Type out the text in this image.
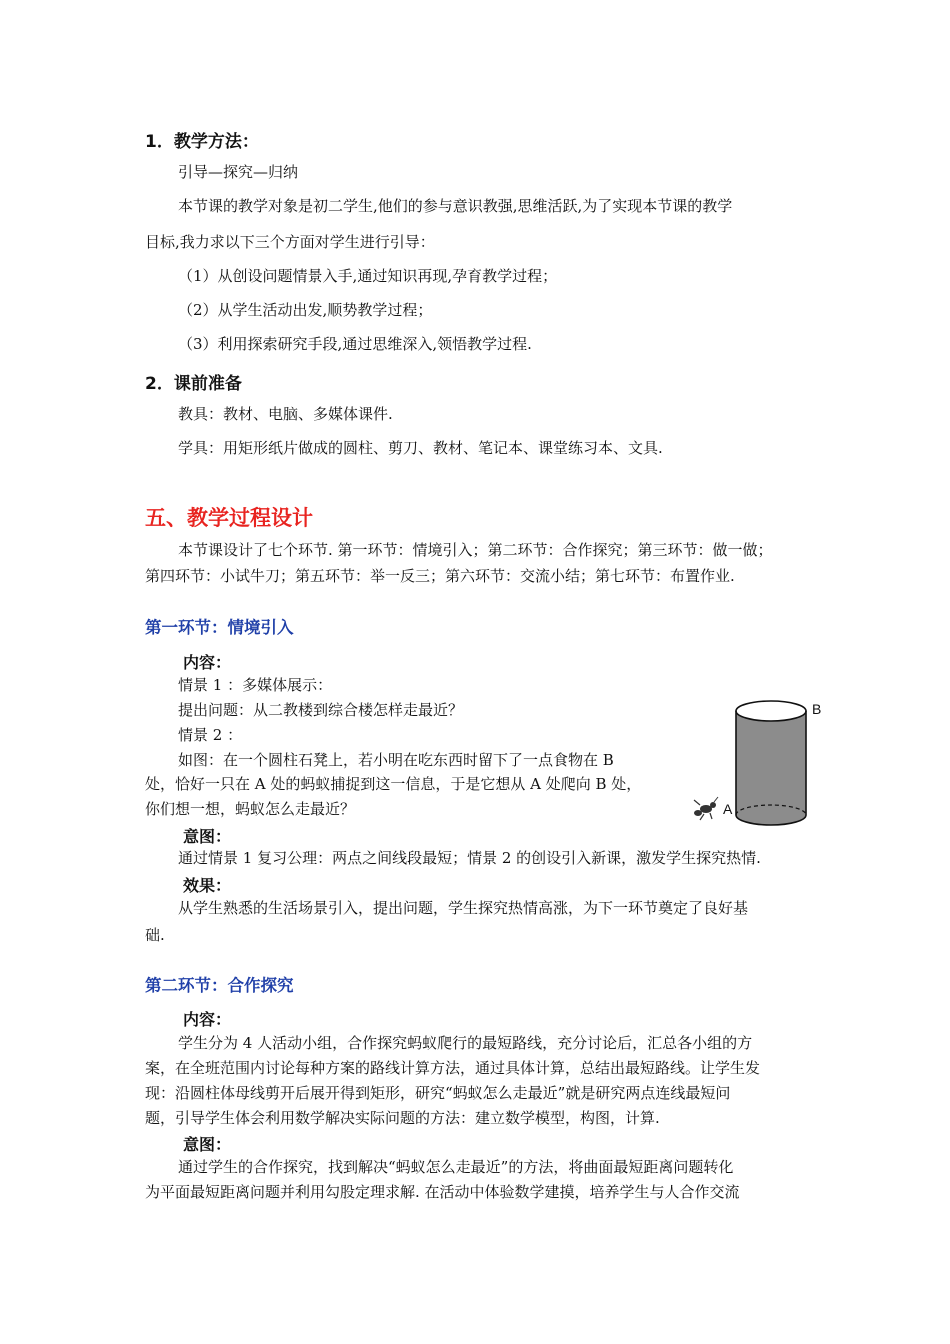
1．教学方法：
引导—探究—归纳
本节课的教学对象是初二学生,他们的参与意识教强,思维活跃,为了实现本节课的教学
目标,我力求以下三个方面对学生进行引导：
（1）从创设问题情景入手,通过知识再现,孕育教学过程；
（2）从学生活动出发,顺势教学过程；
（3）利用探索研究手段,通过思维深入,领悟教学过程.
2．课前准备
教具：教材、电脑、多媒体课件.
学具：用矩形纸片做成的圆柱、剪刀、教材、笔记本、课堂练习本、文具.
五、教学过程设计
本节课设计了七个环节. 第一环节：情境引入；第二环节：合作探究；第三环节：做一做；
第四环节：小试牛刀；第五环节：举一反三；第六环节：交流小结；第七环节：布置作业.
第一环节：情境引入
内容：
情景 1 ：多媒体展示：
提出问题：从二教楼到综合楼怎样走最近？
情景 2 ：
如图：在一个圆柱石凳上，若小明在吃东西时留下了一点食物在 B
处，恰好一只在 A 处的蚂蚁捕捉到这一信息，于是它想从 A 处爬向 B 处，
你们想一想，蚂蚁怎么走最近？	A
B
意图：
通过情景 1 复习公理：两点之间线段最短；情景 2 的创设引入新课，激发学生探究热情.
效果：
从学生熟悉的生活场景引入，提出问题，学生探究热情高涨，为下一环节奠定了良好基
础.
第二环节：合作探究
内容：
学生分为 4 人活动小组，合作探究蚂蚁爬行的最短路线，充分讨论后，汇总各小组的方
案，在全班范围内讨论每种方案的路线计算方法，通过具体计算，总结出最短路线。让学生发
现：沿圆柱体母线剪开后展开得到矩形，研究“蚂蚁怎么走最近”就是研究两点连线最短问
题，引导学生体会利用数学解决实际问题的方法：建立数学模型，构图，计算.
意图：
通过学生的合作探究，找到解决“蚂蚁怎么走最近”的方法，将曲面最短距离问题转化
为平面最短距离问题并利用勾股定理求解. 在活动中体验数学建摸，培养学生与人合作交流
